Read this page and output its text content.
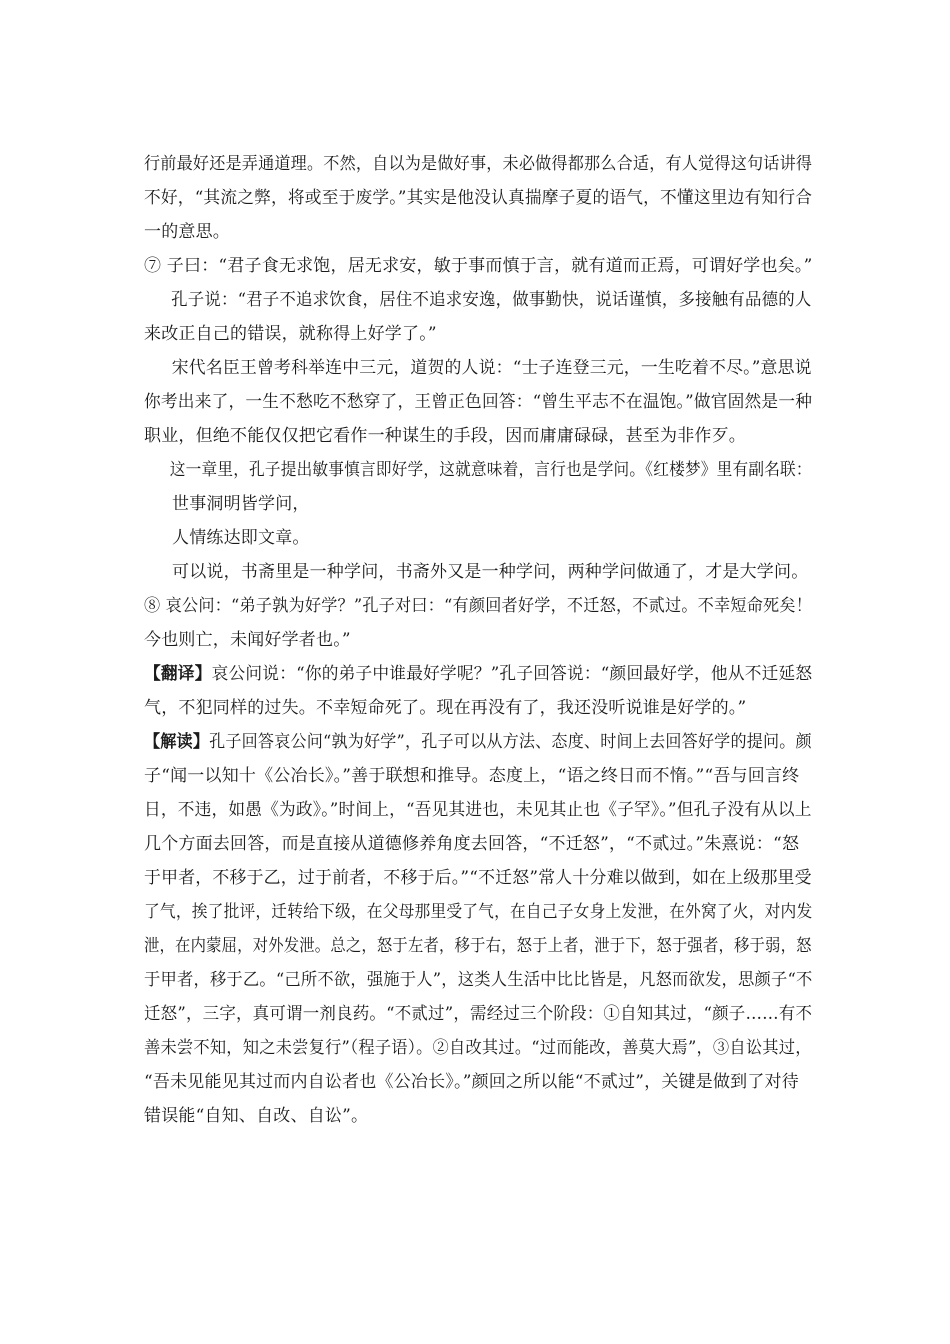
行前最好还是弄通道理。不然，自以为是做好事，未必做得都那么合适，有人觉得这句话讲得
不好，“其流之弊，将或至于废学。”其实是他没认真揣摩子夏的语气，不懂这里边有知行合
一的意思。
⑦ 子曰：“君子食无求饱，居无求安，敏于事而慎于言，就有道而正焉，可谓好学也矣。”
孔子说：“君子不追求饮食，居住不追求安逸，做事勤快，说话谨慎，多接触有品德的人
来改正自己的错误，就称得上好学了。”
宋代名臣王曾考科举连中三元，道贺的人说：“士子连登三元，一生吃着不尽。”意思说
你考出来了，一生不愁吃不愁穿了，王曾正色回答：“曾生平志不在温饱。”做官固然是一种
职业，但绝不能仅仅把它看作一种谋生的手段，因而庸庸碌碌，甚至为非作歹。
这一章里，孔子提出敏事慎言即好学，这就意味着，言行也是学问。《红楼梦》里有副名联：
世事洞明皆学问，
人情练达即文章。
可以说，书斋里是一种学问，书斋外又是一种学问，两种学问做通了，才是大学问。
⑧ 哀公问：“弟子孰为好学？”孔子对曰：“有颜回者好学，不迁怒，不贰过。不幸短命死矣！
今也则亡，未闻好学者也。”
【翻译】哀公问说：“你的弟子中谁最好学呢？”孔子回答说：“颜回最好学，他从不迁延怒
气，不犯同样的过失。不幸短命死了。现在再没有了，我还没听说谁是好学的。”
【解读】孔子回答哀公问“孰为好学”，孔子可以从方法、态度、时间上去回答好学的提问。颜
子“闻一以知十《公冶长》。”善于联想和推导。态度上，“语之终日而不惰。”“吾与回言终
日，不违，如愚《为政》。”时间上，“吾见其进也，未见其止也《子罕》。”但孔子没有从以上
几个方面去回答，而是直接从道德修养角度去回答，“不迁怒”，“不贰过。”朱熹说：“怒
于甲者，不移于乙，过于前者，不移于后。”“不迁怒”常人十分难以做到，如在上级那里受
了气，挨了批评，迁转给下级，在父母那里受了气，在自己子女身上发泄，在外窝了火，对内发
泄，在内蒙屈，对外发泄。总之，怒于左者，移于右，怒于上者，泄于下，怒于强者，移于弱，怒
于甲者，移于乙。“己所不欲，强施于人”，这类人生活中比比皆是，凡怒而欲发，思颜子“不
迁怒”，三字，真可谓一剂良药。“不贰过”，需经过三个阶段：①自知其过，“颜子……有不
善未尝不知，知之未尝复行”（程子语）。②自改其过。“过而能改，善莫大焉”，③自讼其过，
“吾未见能见其过而内自讼者也《公冶长》。”颜回之所以能“不贰过”，关键是做到了对待
错误能“自知、自改、自讼”。
